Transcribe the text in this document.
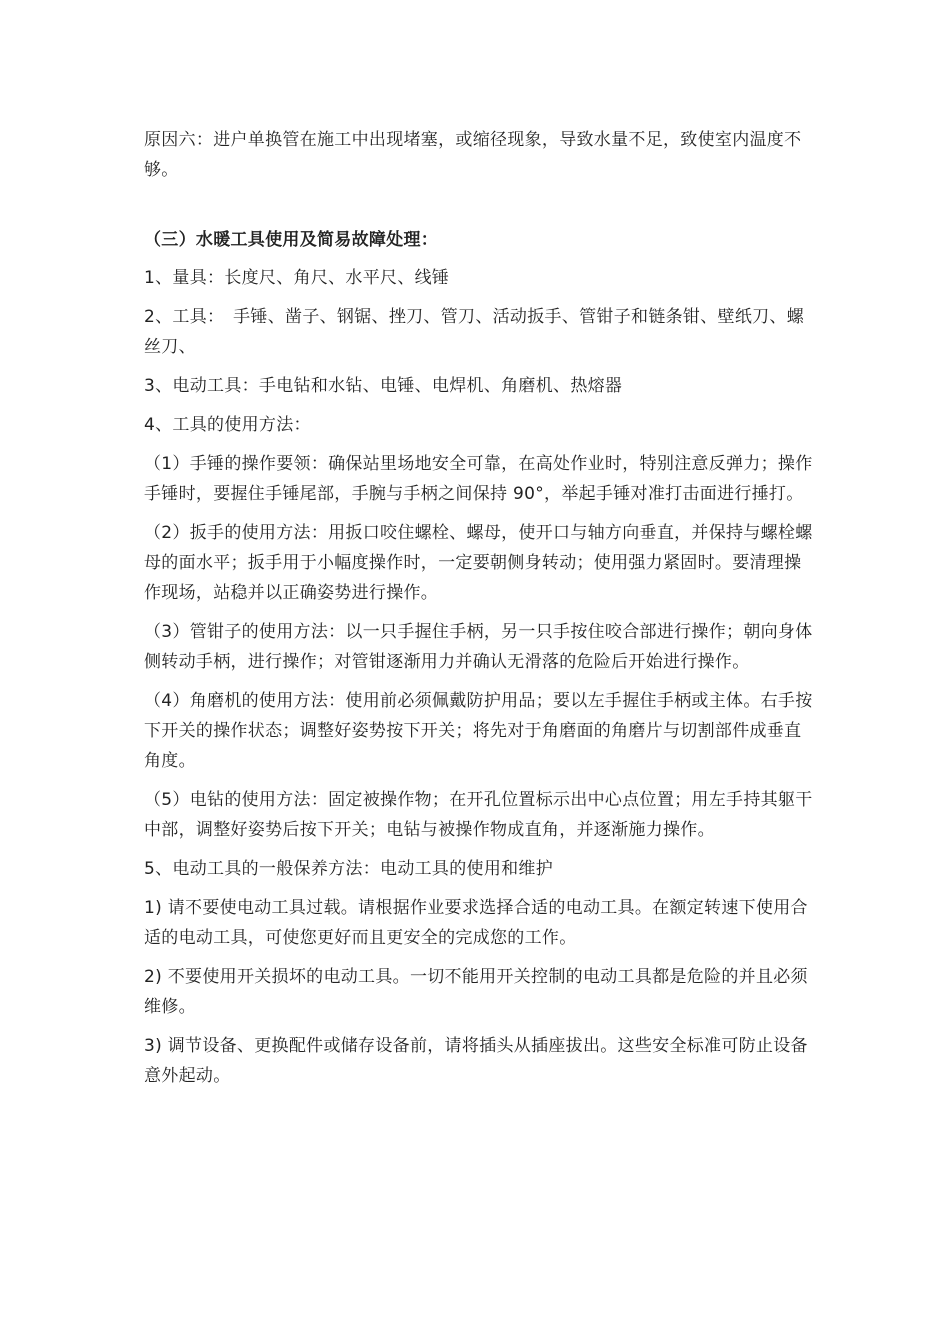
原因六：进户单换管在施工中出现堵塞，或缩径现象，导致水量不足，致使室内温度不够。

（三）水暖工具使用及简易故障处理：

1、量具：长度尺、角尺、水平尺、线锤

2、工具：　手锤、凿子、钢锯、挫刀、管刀、活动扳手、管钳子和链条钳、壁纸刀、螺丝刀、

3、电动工具：手电钻和水钻、电锤、电焊机、角磨机、热熔器

4、工具的使用方法：

（1）手锤的操作要领：确保站里场地安全可靠，在高处作业时，特别注意反弹力；操作手锤时，要握住手锤尾部，手腕与手柄之间保持 90°，举起手锤对准打击面进行捶打。

（2）扳手的使用方法：用扳口咬住螺栓、螺母，使开口与轴方向垂直，并保持与螺栓螺母的面水平；扳手用于小幅度操作时，一定要朝侧身转动；使用强力紧固时。要清理操作现场，站稳并以正确姿势进行操作。

（3）管钳子的使用方法：以一只手握住手柄，另一只手按住咬合部进行操作；朝向身体侧转动手柄，进行操作；对管钳逐渐用力并确认无滑落的危险后开始进行操作。

（4）角磨机的使用方法：使用前必须佩戴防护用品；要以左手握住手柄或主体。右手按下开关的操作状态；调整好姿势按下开关；将先对于角磨面的角磨片与切割部件成垂直角度。

（5）电钻的使用方法：固定被操作物；在开孔位置标示出中心点位置；用左手持其躯干中部，调整好姿势后按下开关；电钻与被操作物成直角，并逐渐施力操作。

5、电动工具的一般保养方法：电动工具的使用和维护

1) 请不要使电动工具过载。请根据作业要求选择合适的电动工具。在额定转速下使用合适的电动工具，可使您更好而且更安全的完成您的工作。

2) 不要使用开关损坏的电动工具。一切不能用开关控制的电动工具都是危险的并且必须维修。

3) 调节设备、更换配件或储存设备前，请将插头从插座拔出。这些安全标准可防止设备意外起动。
